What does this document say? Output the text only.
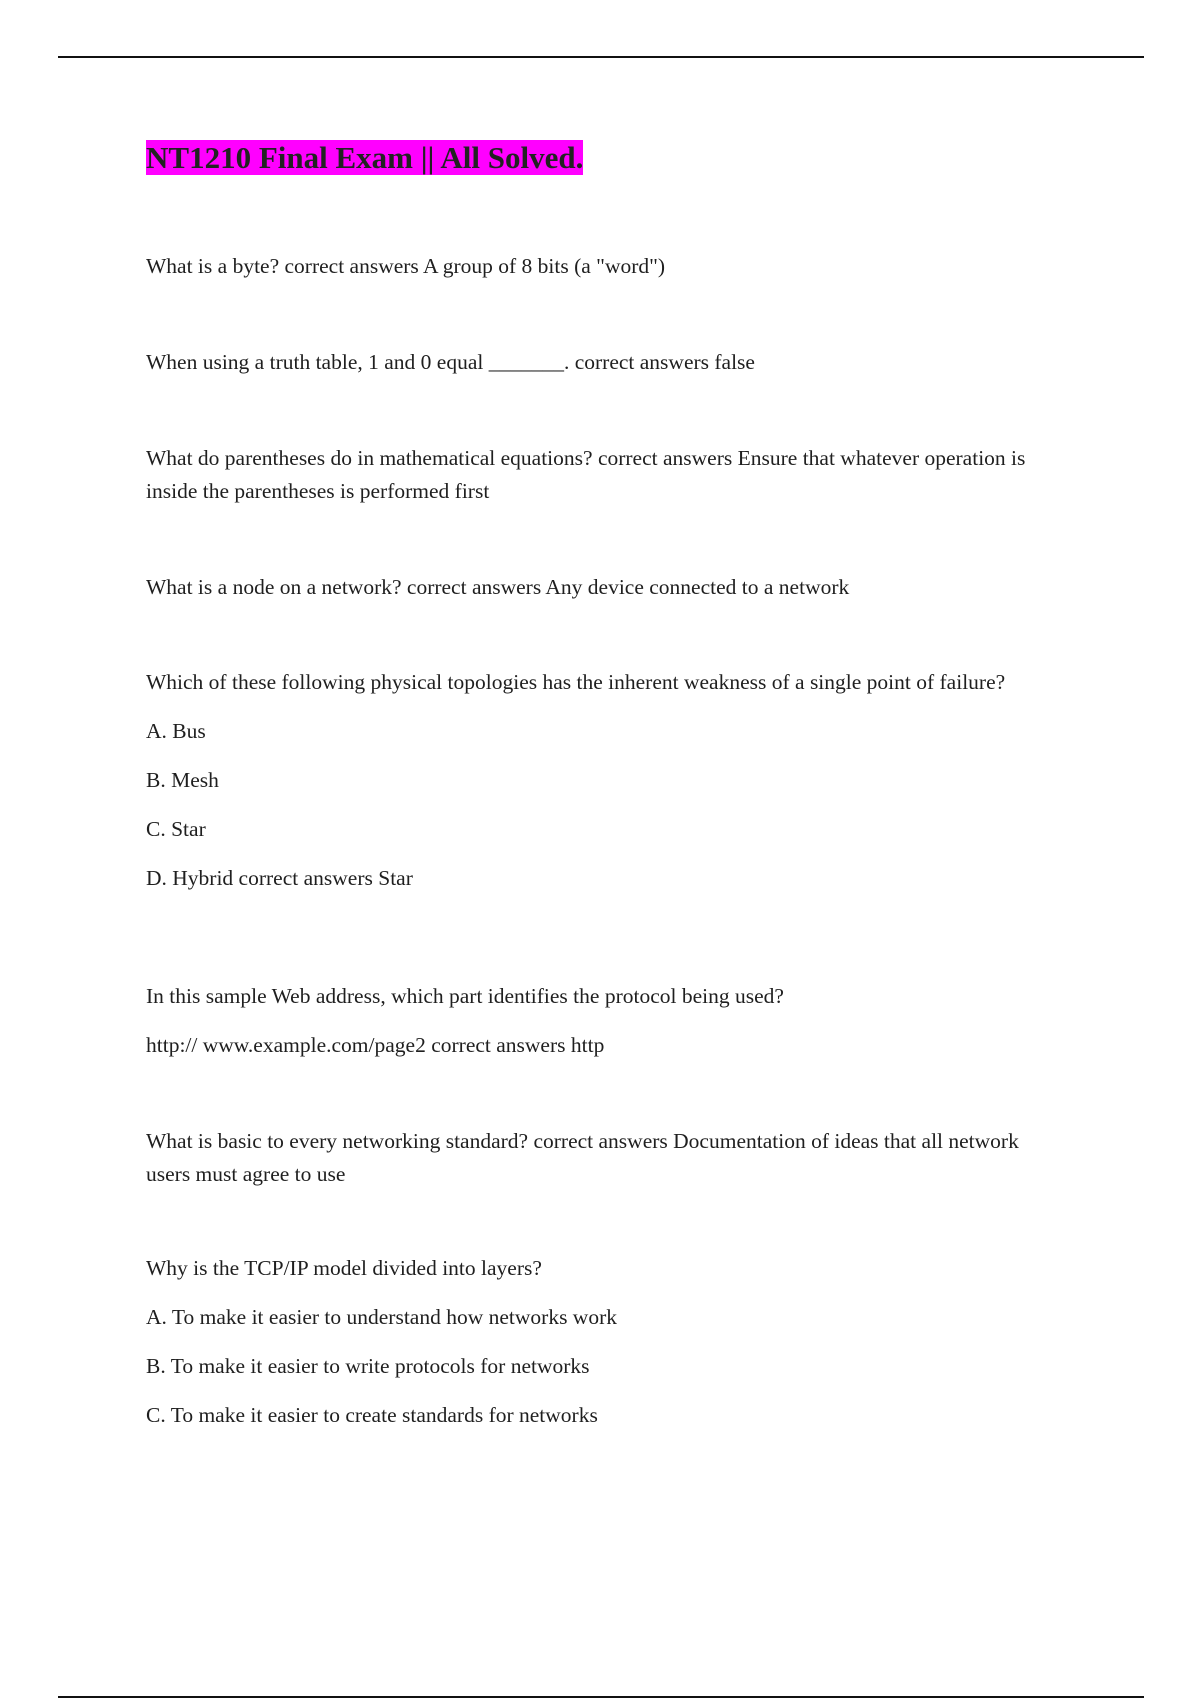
NT1210 Final Exam || All Solved.

What is a byte? correct answers A group of 8 bits (a "word")

When using a truth table, 1 and 0 equal _______. correct answers false

What do parentheses do in mathematical equations? correct answers Ensure that whatever operation is inside the parentheses is performed first

What is a node on a network? correct answers Any device connected to a network

Which of these following physical topologies has the inherent weakness of a single point of failure?

A. Bus

B. Mesh

C. Star

D. Hybrid correct answers Star

In this sample Web address, which part identifies the protocol being used?

http:// www.example.com/page2 correct answers http

What is basic to every networking standard? correct answers Documentation of ideas that all network users must agree to use

Why is the TCP/IP model divided into layers?

A. To make it easier to understand how networks work

B. To make it easier to write protocols for networks

C. To make it easier to create standards for networks
